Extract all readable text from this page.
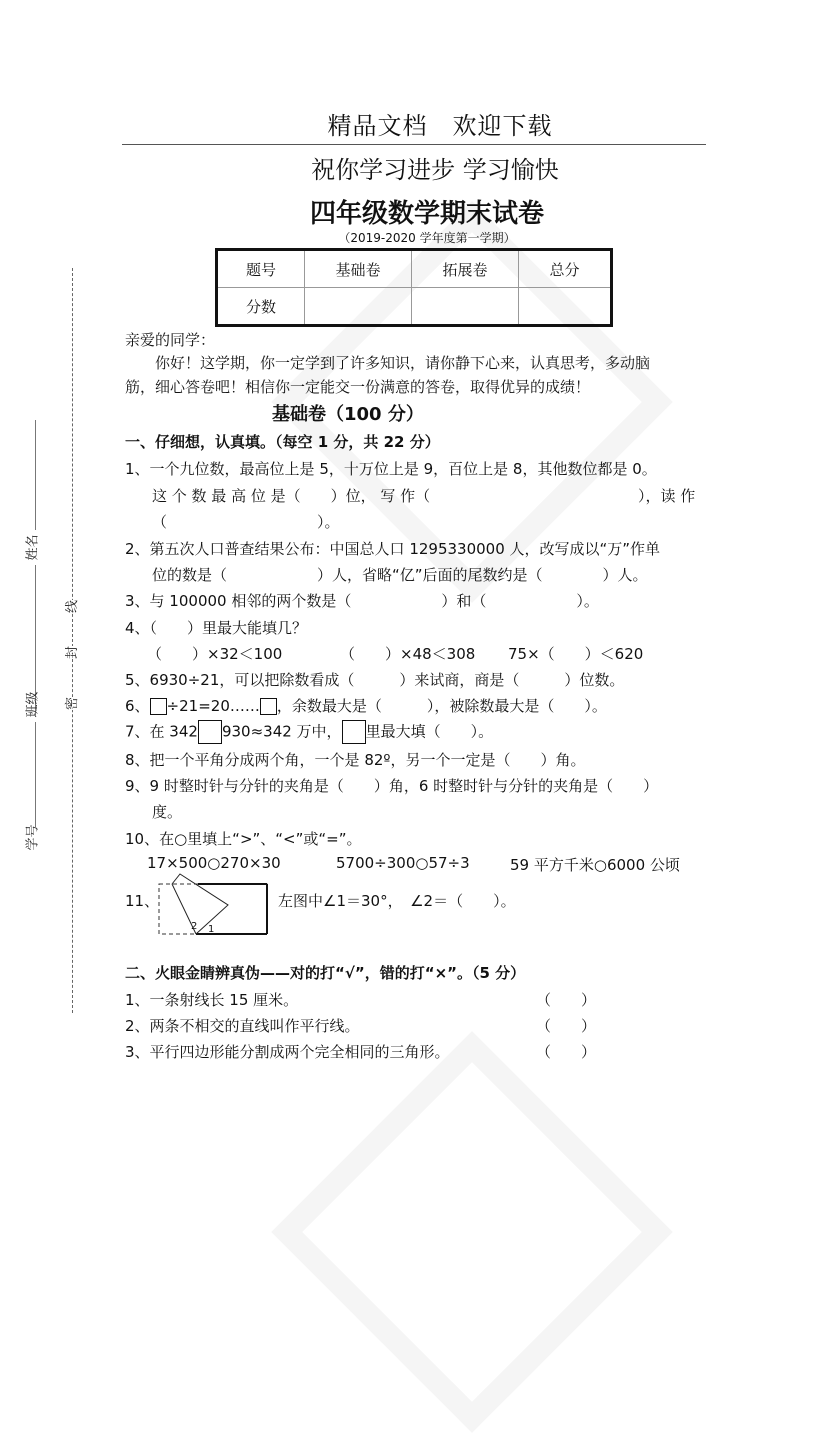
精品文档　欢迎下载
祝你学习进步 学习愉快
四年级数学期末试卷
（2019-2020 学年度第一学期）
题号	基础卷	拓展卷	总分
分数			
姓名
班级
学号
密
封
线
亲爱的同学：
你好！这学期，你一定学到了许多知识，请你静下心来，认真思考，多动脑
筋，细心答卷吧！相信你一定能交一份满意的答卷，取得优异的成绩！
基础卷（100 分）
一、仔细想，认真填。（每空 1 分，共 22 分）
1、一个九位数，最高位上是 5，十万位上是 9，百位上是 8，其他数位都是 0。
这 个 数 最 高 位 是（　　）位， 写 作（	），读 作
（　　　　　　　　　　）。
2、第五次人口普查结果公布：中国总人口 1295330000 人，改写成以“万”作单
位的数是（　　　　　　）人，省略“亿”后面的尾数约是（　　　　）人。
3、与 100000 相邻的两个数是（　　　　　　）和（　　　　　　）。
4、（　　）里最大能填几？
（　　）×32＜100	（　　）×48＜308 75×（　　）＜620
5、6930÷21，可以把除数看成（　　　）来试商，商是（　　　）位数。
6、 ÷21=20…… ，余数最大是（　　　），被除数最大是（　　）。
7、在 342 930≈342 万中， 里最大填（　　）。
8、把一个平角分成两个角，一个是 82º，另一个一定是（　　）角。
9、9 时整时针与分针的夹角是（　　）角，6 时整时针与分针的夹角是（　　）
度。
10、在○里填上“>”、“<”或“=”。
17×500○270×30	5700÷300○57÷3	59 平方千米○6000 公顷
11、
2 1
左图中∠1＝30°，　∠2＝（　　）。
二、火眼金睛辨真伪——对的打“√”，错的打“×”。（5 分）
1、一条射线长 15 厘米。	（　　）
2、两条不相交的直线叫作平行线。	（　　）
3、平行四边形能分割成两个完全相同的三角形。	（　　）
